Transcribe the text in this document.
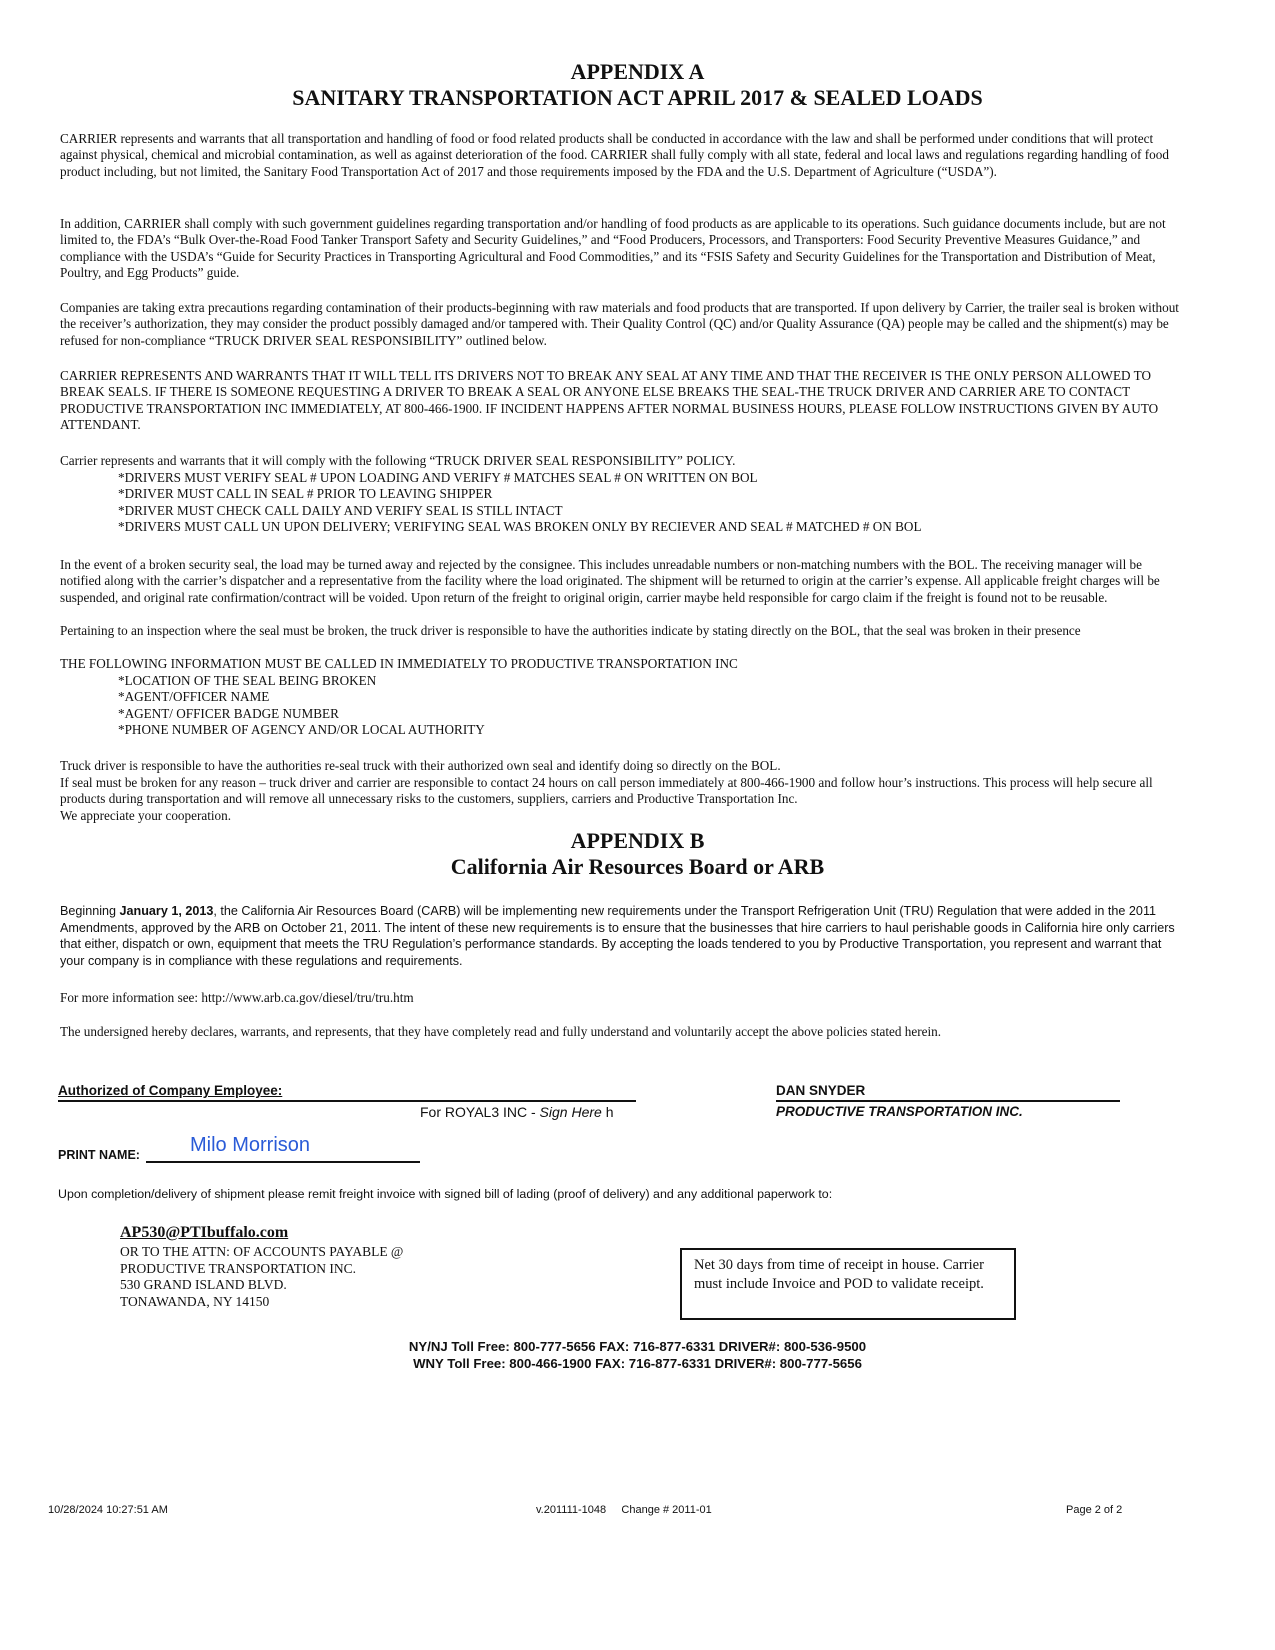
APPENDIX A
SANITARY TRANSPORTATION ACT APRIL 2017 & SEALED LOADS
CARRIER represents and warrants that all transportation and handling of food or food related products shall be conducted in accordance with the law and shall be performed under conditions that will protect against physical, chemical and microbial contamination, as well as against deterioration of the food. CARRIER shall fully comply with all state, federal and local laws and regulations regarding handling of food product including, but not limited, the Sanitary Food Transportation Act of 2017 and those requirements imposed by the FDA and the U.S. Department of Agriculture (“USDA”).
In addition, CARRIER shall comply with such government guidelines regarding transportation and/or handling of food products as are applicable to its operations. Such guidance documents include, but are not limited to, the FDA’s “Bulk Over-the-Road Food Tanker Transport Safety and Security Guidelines,” and “Food Producers, Processors, and Transporters: Food Security Preventive Measures Guidance,” and compliance with the USDA’s “Guide for Security Practices in Transporting Agricultural and Food Commodities,” and its “FSIS Safety and Security Guidelines for the Transportation and Distribution of Meat, Poultry, and Egg Products” guide.
Companies are taking extra precautions regarding contamination of their products-beginning with raw materials and food products that are transported. If upon delivery by Carrier, the trailer seal is broken without the receiver’s authorization, they may consider the product possibly damaged and/or tampered with. Their Quality Control (QC) and/or Quality Assurance (QA) people may be called and the shipment(s) may be refused for non-compliance “TRUCK DRIVER SEAL RESPONSIBILITY” outlined below.
CARRIER REPRESENTS AND WARRANTS THAT IT WILL TELL ITS DRIVERS NOT TO BREAK ANY SEAL AT ANY TIME AND THAT THE RECEIVER IS THE ONLY PERSON ALLOWED TO BREAK SEALS. IF THERE IS SOMEONE REQUESTING A DRIVER TO BREAK A SEAL OR ANYONE ELSE BREAKS THE SEAL-THE TRUCK DRIVER AND CARRIER ARE TO CONTACT PRODUCTIVE TRANSPORTATION INC IMMEDIATELY, AT 800-466-1900. IF INCIDENT HAPPENS AFTER NORMAL BUSINESS HOURS, PLEASE FOLLOW INSTRUCTIONS GIVEN BY AUTO ATTENDANT.
Carrier represents and warrants that it will comply with the following “TRUCK DRIVER SEAL RESPONSIBILITY” POLICY.
*DRIVERS MUST VERIFY SEAL # UPON LOADING AND VERIFY # MATCHES SEAL # ON WRITTEN ON BOL
*DRIVER MUST CALL IN SEAL # PRIOR TO LEAVING SHIPPER
*DRIVER MUST CHECK CALL DAILY AND VERIFY SEAL IS STILL INTACT
*DRIVERS MUST CALL UN UPON DELIVERY; VERIFYING SEAL WAS BROKEN ONLY BY RECIEVER AND SEAL # MATCHED # ON BOL
In the event of a broken security seal, the load may be turned away and rejected by the consignee. This includes unreadable numbers or non-matching numbers with the BOL. The receiving manager will be notified along with the carrier’s dispatcher and a representative from the facility where the load originated. The shipment will be returned to origin at the carrier’s expense. All applicable freight charges will be suspended, and original rate confirmation/contract will be voided. Upon return of the freight to original origin, carrier maybe held responsible for cargo claim if the freight is found not to be reusable.
Pertaining to an inspection where the seal must be broken, the truck driver is responsible to have the authorities indicate by stating directly on the BOL, that the seal was broken in their presence
THE FOLLOWING INFORMATION MUST BE CALLED IN IMMEDIATELY TO PRODUCTIVE TRANSPORTATION INC
*LOCATION OF THE SEAL BEING BROKEN
*AGENT/OFFICER NAME
*AGENT/ OFFICER BADGE NUMBER
*PHONE NUMBER OF AGENCY AND/OR LOCAL AUTHORITY
Truck driver is responsible to have the authorities re-seal truck with their authorized own seal and identify doing so directly on the BOL.
If seal must be broken for any reason – truck driver and carrier are responsible to contact 24 hours on call person immediately at 800-466-1900 and follow hour’s instructions. This process will help secure all products during transportation and will remove all unnecessary risks to the customers, suppliers, carriers and Productive Transportation Inc.
We appreciate your cooperation.
APPENDIX B
California Air Resources Board or ARB
Beginning January 1, 2013, the California Air Resources Board (CARB) will be implementing new requirements under the Transport Refrigeration Unit (TRU) Regulation that were added in the 2011 Amendments, approved by the ARB on October 21, 2011. The intent of these new requirements is to ensure that the businesses that hire carriers to haul perishable goods in California hire only carriers that either, dispatch or own, equipment that meets the TRU Regulation’s performance standards. By accepting the loads tendered to you by Productive Transportation, you represent and warrant that your company is in compliance with these regulations and requirements.
For more information see: http://www.arb.ca.gov/diesel/tru/tru.htm
The undersigned hereby declares, warrants, and represents, that they have completely read and fully understand and voluntarily accept the above policies stated herein.
Authorized of Company Employee:
For ROYAL3 INC - Sign Here h
DAN SNYDER
PRODUCTIVE TRANSPORTATION INC.
PRINT NAME:	Milo Morrison
Upon completion/delivery of shipment please remit freight invoice with signed bill of lading (proof of delivery) and any additional paperwork to:
AP530@PTIbuffalo.com
OR TO THE ATTN: OF ACCOUNTS PAYABLE @
PRODUCTIVE TRANSPORTATION INC.
530 GRAND ISLAND BLVD.
TONAWANDA, NY 14150
Net 30 days from time of receipt in house. Carrier must include Invoice and POD to validate receipt.
NY/NJ Toll Free: 800-777-5656 FAX: 716-877-6331 DRIVER#: 800-536-9500
WNY Toll Free: 800-466-1900 FAX: 716-877-6331 DRIVER#: 800-777-5656
10/28/2024 10:27:51 AM	v.201111-1048     Change # 2011-01	Page 2 of 2
